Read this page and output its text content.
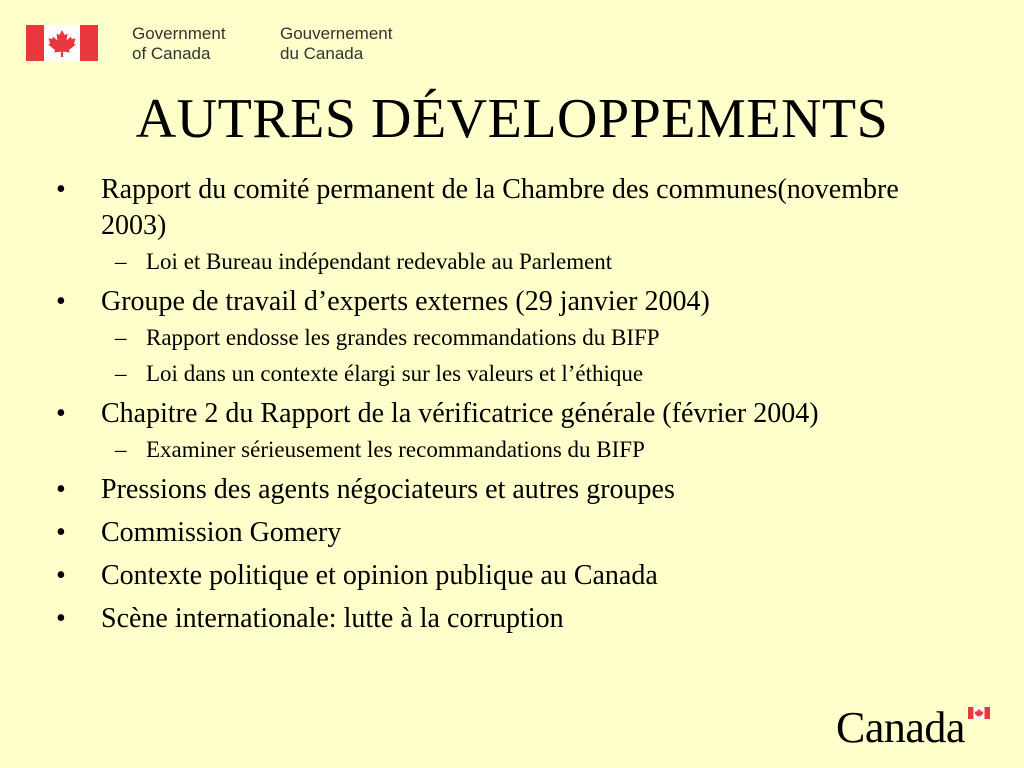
Government
of Canada
Gouvernement
du Canada
AUTRES DÉVELOPPEMENTS
• Rapport du comité permanent de la Chambre des communes(novembre 2003)
– Loi et Bureau indépendant redevable au Parlement
• Groupe de travail d’experts externes (29 janvier 2004)
– Rapport endosse les grandes recommandations du BIFP
– Loi dans un contexte élargi sur les valeurs et l’éthique
• Chapitre 2 du Rapport de la vérificatrice générale (février 2004)
– Examiner sérieusement les recommandations du BIFP
• Pressions des agents négociateurs et autres groupes
• Commission Gomery
• Contexte politique et opinion publique au Canada
• Scène internationale: lutte à la corruption
Canada
